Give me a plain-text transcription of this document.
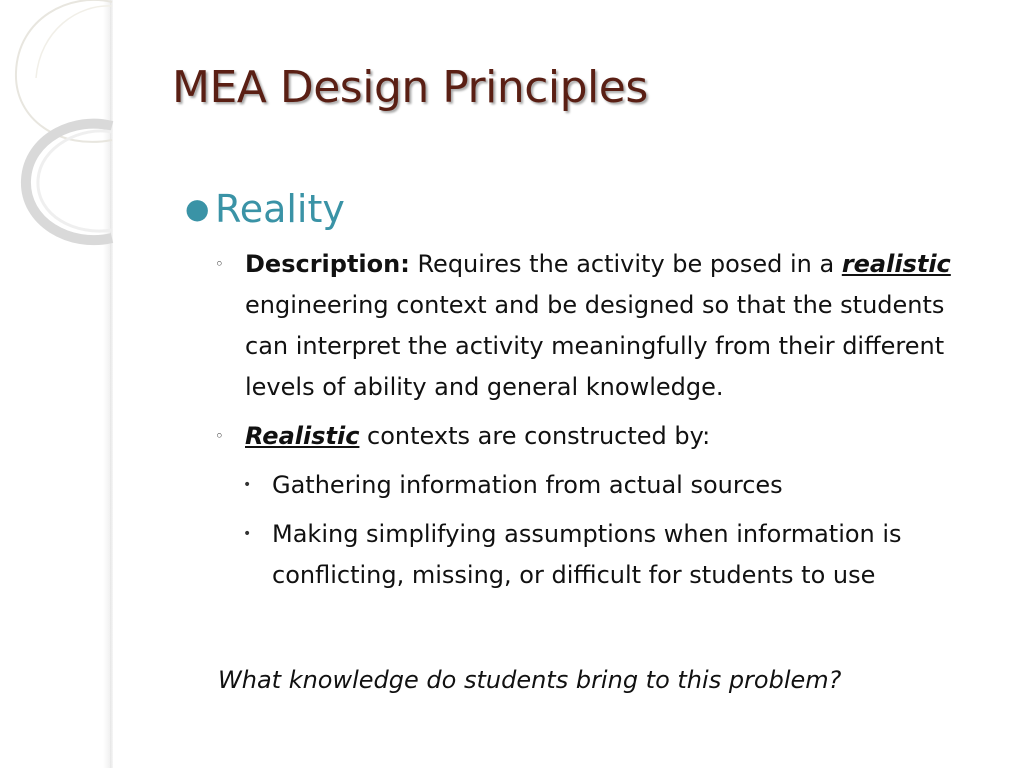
MEA Design Principles
● Reality
◦ Description: Requires the activity be posed in a realistic engineering context and be designed so that the students can interpret the activity meaningfully from their different levels of ability and general knowledge.
◦ Realistic contexts are constructed by:
• Gathering information from actual sources
• Making simplifying assumptions when information is conflicting, missing, or difficult for students to use
What knowledge do students bring to this problem?
